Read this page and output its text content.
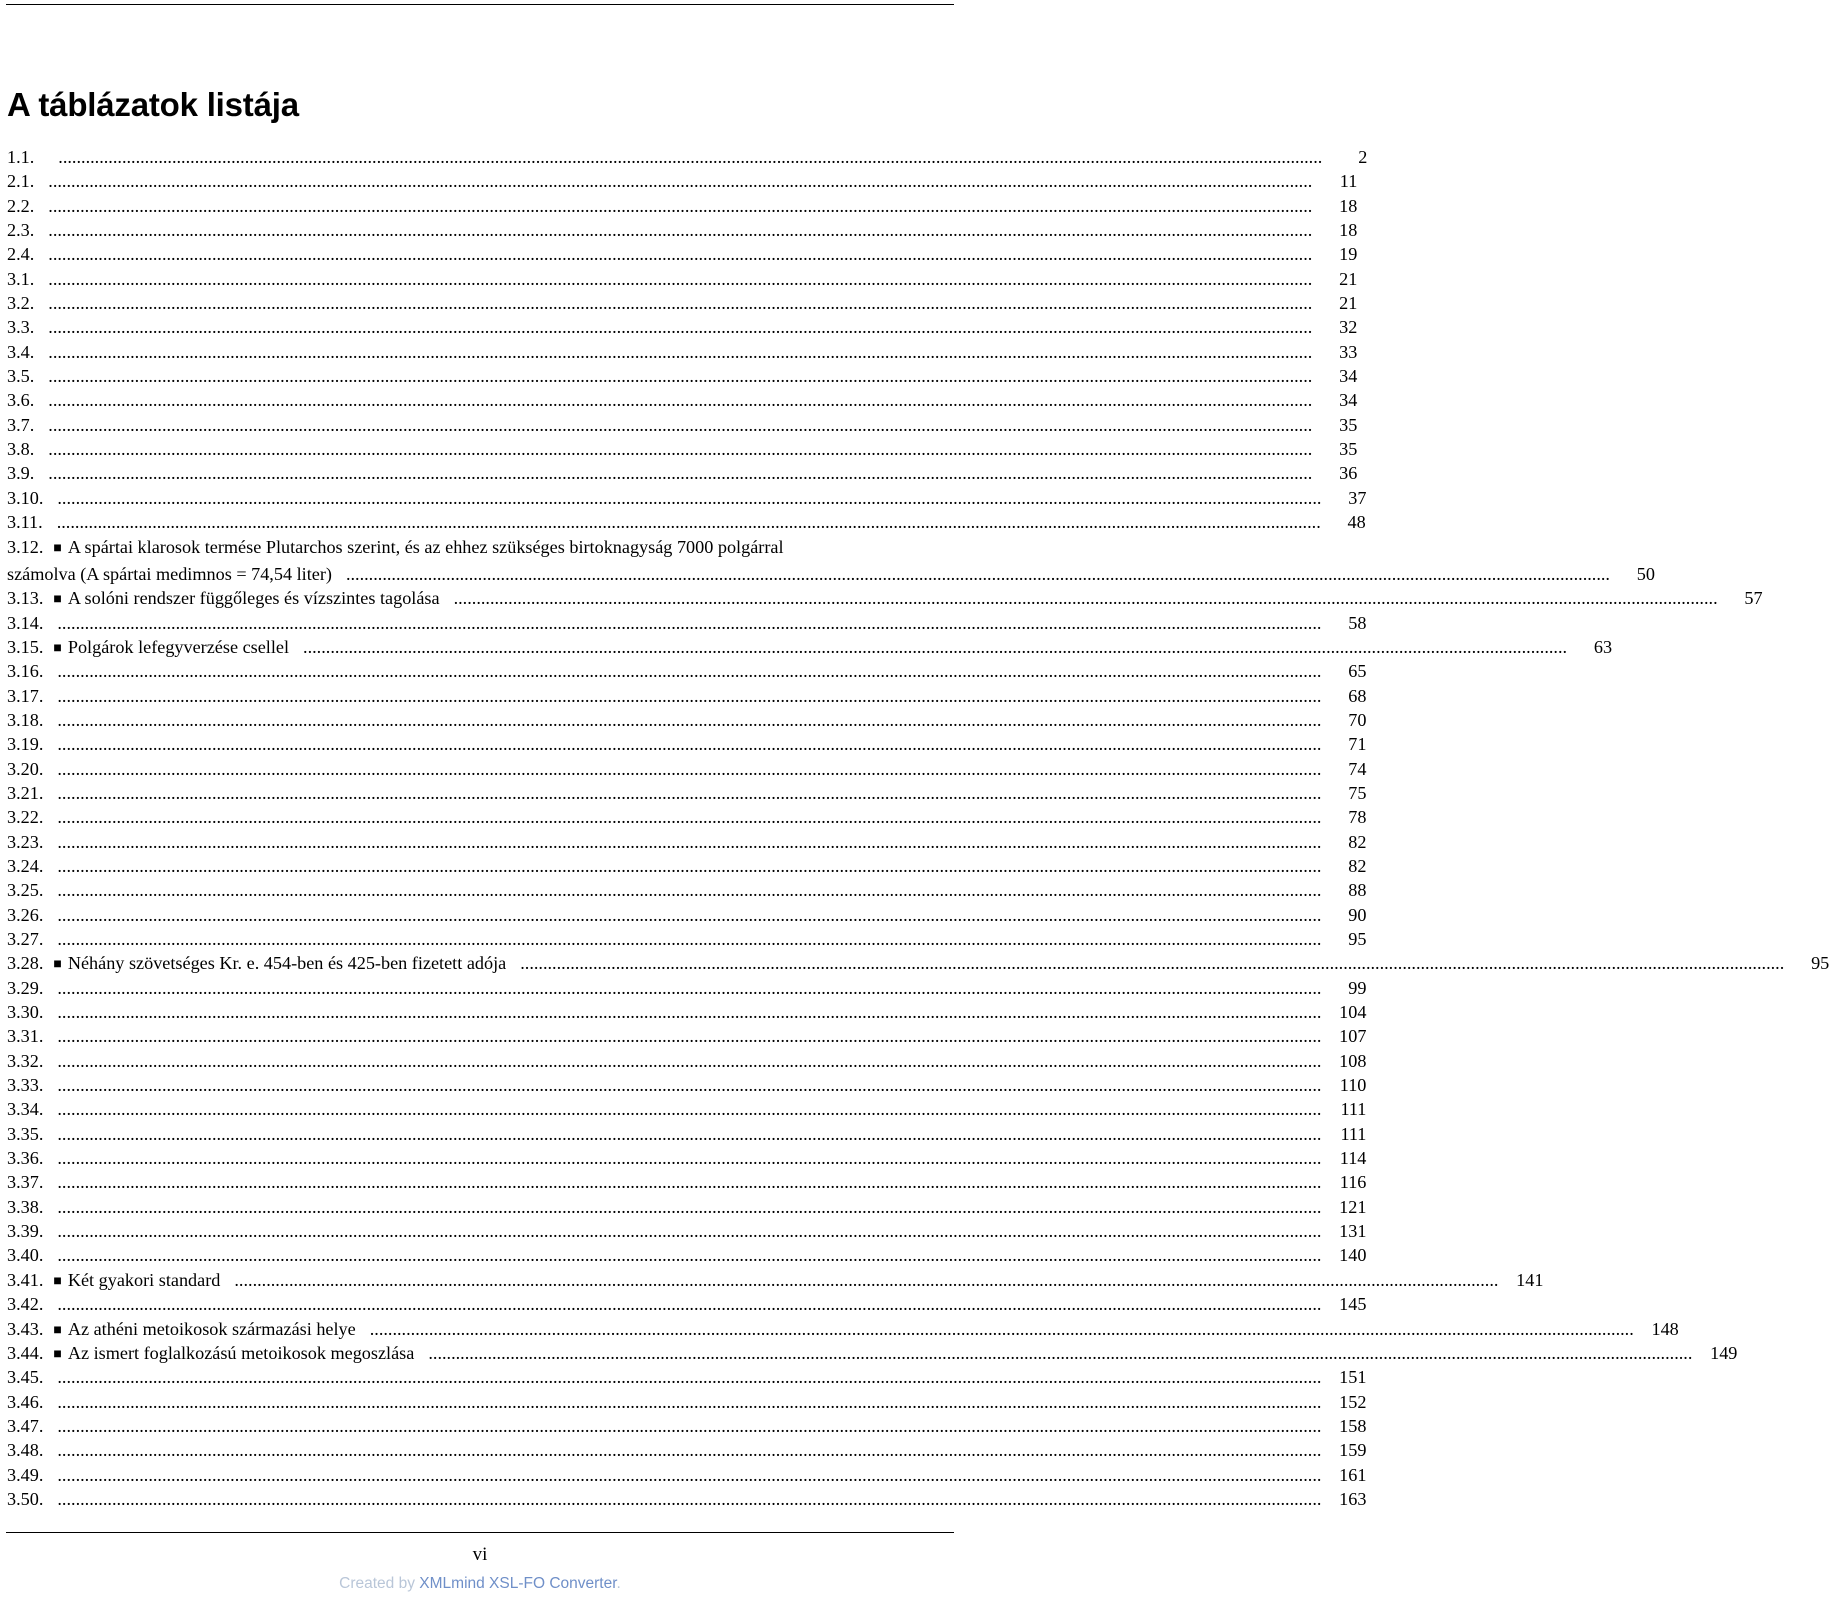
A táblázatok listája
1.1. ......................................................................................................................................................................................................................................................................................	2
2.1. ......................................................................................................................................................................................................................................................................................	11
2.2. ......................................................................................................................................................................................................................................................................................	18
2.3. ......................................................................................................................................................................................................................................................................................	18
2.4. ......................................................................................................................................................................................................................................................................................	19
3.1. ......................................................................................................................................................................................................................................................................................	21
3.2. ......................................................................................................................................................................................................................................................................................	21
3.3. ......................................................................................................................................................................................................................................................................................	32
3.4. ......................................................................................................................................................................................................................................................................................	33
3.5. ......................................................................................................................................................................................................................................................................................	34
3.6. ......................................................................................................................................................................................................................................................................................	34
3.7. ......................................................................................................................................................................................................................................................................................	35
3.8. ......................................................................................................................................................................................................................................................................................	35
3.9. ......................................................................................................................................................................................................................................................................................	36
3.10. ......................................................................................................................................................................................................................................................................................	37
3.11. ......................................................................................................................................................................................................................................................................................	48
3.12. ■ A spártai klarosok termése Plutarchos szerint, és az ehhez szükséges birtoknagyság 7000 polgárral
számolva (A spártai medimnos = 74,54 liter) ......................................................................................................................................................................................................................................................................................	50
3.13. ■ A solóni rendszer függőleges és vízszintes tagolása ......................................................................................................................................................................................................................................................................................	57
3.14. ......................................................................................................................................................................................................................................................................................	58
3.15. ■ Polgárok lefegyverzése csellel ......................................................................................................................................................................................................................................................................................	63
3.16. ......................................................................................................................................................................................................................................................................................	65
3.17. ......................................................................................................................................................................................................................................................................................	68
3.18. ......................................................................................................................................................................................................................................................................................	70
3.19. ......................................................................................................................................................................................................................................................................................	71
3.20. ......................................................................................................................................................................................................................................................................................	74
3.21. ......................................................................................................................................................................................................................................................................................	75
3.22. ......................................................................................................................................................................................................................................................................................	78
3.23. ......................................................................................................................................................................................................................................................................................	82
3.24. ......................................................................................................................................................................................................................................................................................	82
3.25. ......................................................................................................................................................................................................................................................................................	88
3.26. ......................................................................................................................................................................................................................................................................................	90
3.27. ......................................................................................................................................................................................................................................................................................	95
3.28. ■ Néhány szövetséges Kr. e. 454-ben és 425-ben fizetett adója ......................................................................................................................................................................................................................................................................................	95
3.29. ......................................................................................................................................................................................................................................................................................	99
3.30. ...................................................................................................................................................................................................................................................................................... 104
3.31. ...................................................................................................................................................................................................................................................................................... 107
3.32. ...................................................................................................................................................................................................................................................................................... 108
3.33. ......................................................................................................................................................................................................................................................................................	110
3.34. ......................................................................................................................................................................................................................................................................................	111
3.35. ......................................................................................................................................................................................................................................................................................	111
3.36. ......................................................................................................................................................................................................................................................................................	114
3.37. ......................................................................................................................................................................................................................................................................................	116
3.38. ...................................................................................................................................................................................................................................................................................... 121
3.39. ...................................................................................................................................................................................................................................................................................... 131
3.40. ...................................................................................................................................................................................................................................................................................... 140
3.41. ■ Két gyakori standard ...................................................................................................................................................................................................................................................................................... 141
3.42. ...................................................................................................................................................................................................................................................................................... 145
3.43. ■ Az athéni metoikosok származási helye ...................................................................................................................................................................................................................................................................................... 148
3.44. ■ Az ismert foglalkozású metoikosok megoszlása ...................................................................................................................................................................................................................................................................................... 149
3.45. ...................................................................................................................................................................................................................................................................................... 151
3.46. ...................................................................................................................................................................................................................................................................................... 152
3.47. ...................................................................................................................................................................................................................................................................................... 158
3.48. ...................................................................................................................................................................................................................................................................................... 159
3.49. ...................................................................................................................................................................................................................................................................................... 161
3.50. ...................................................................................................................................................................................................................................................................................... 163
vi
Created by XMLmind XSL-FO Converter.
